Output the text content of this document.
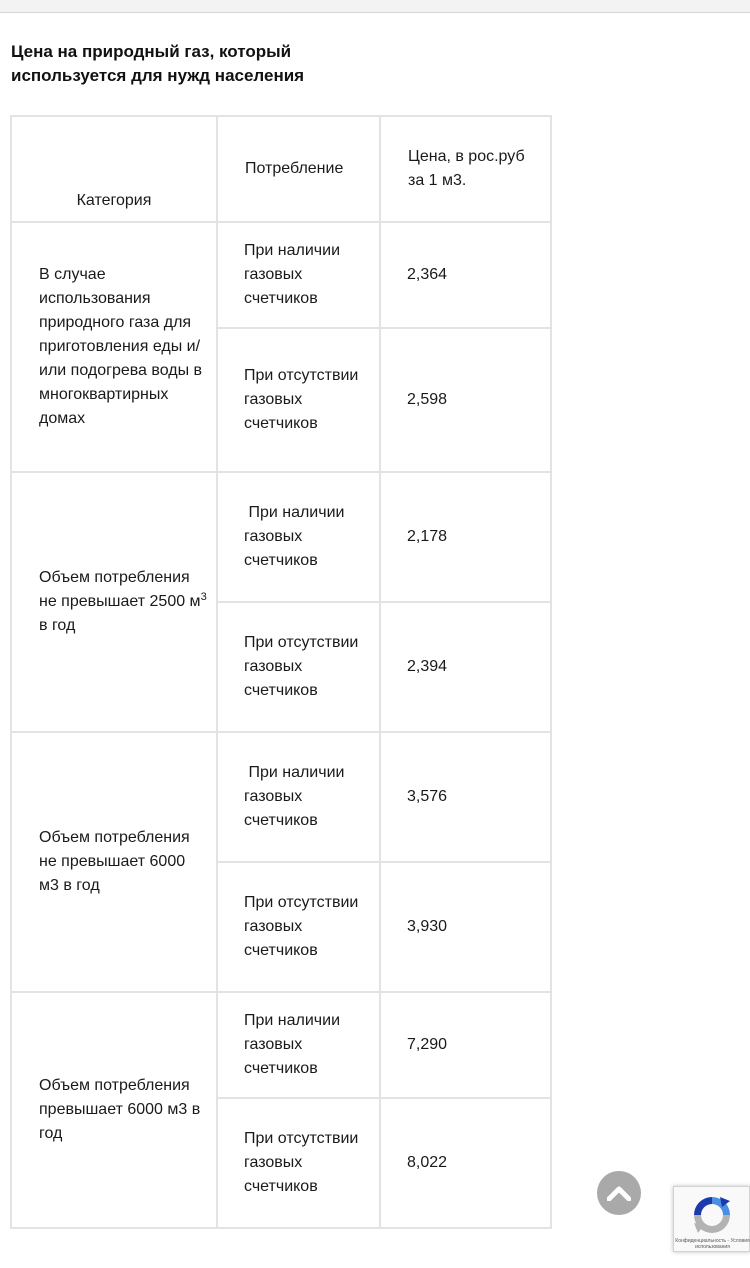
Цена на природный газ, который используется для нужд населения
Категория	Потребление	Цена, в рос.руб за 1 м3.
В случае использования природного газа для приготовления еды и/или подогрева воды в многоквартирных домах	При наличии газовых счетчиков	2,364
	При отсутствии газовых счетчиков	2,598

Объем потребления не превышает 2500 $м^3$ в год	При наличии газовых счетчиков	2,178
	При отсутствии газовых счетчиков	2,394
Объем потребления не превышает 6000 м3 в год	При наличии газовых счетчиков	3,576
	При отсутствии газовых счетчиков	3,930
Объем потребления превышает 6000 м3 в год	При наличии газовых счетчиков	7,290
	При отсутствии газовых счетчиков	8,022
Конфиденциальность - Условия использования
